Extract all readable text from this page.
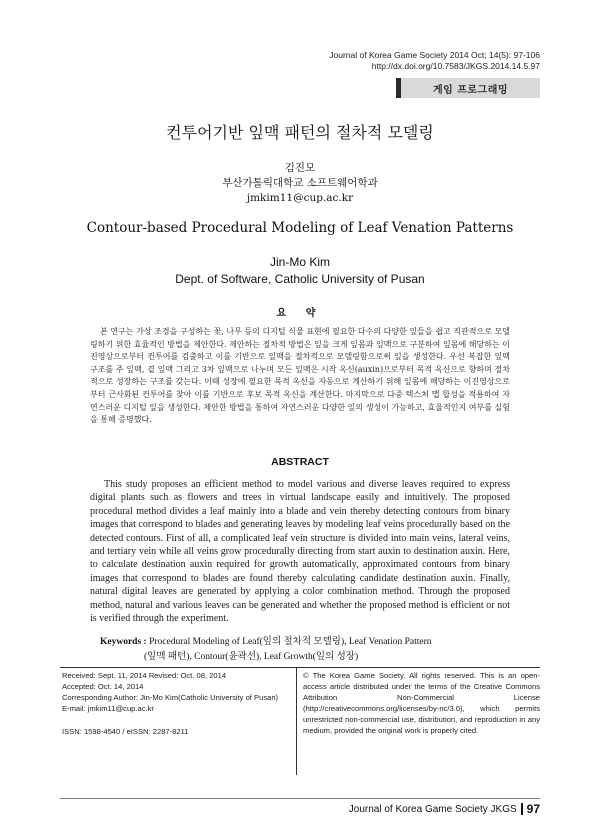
Journal of Korea Game Society 2014 Oct; 14(5): 97-106
http://dx.doi.org/10.7583/JKGS.2014.14.5.97
게임 프로그래밍
컨투어기반 잎맥 패턴의 절차적 모델링
김진모
부산가톨릭대학교 소프트웨어학과
jmkim11@cup.ac.kr
Contour-based Procedural Modeling of Leaf Venation Patterns
Jin-Mo Kim
Dept. of Software, Catholic University of Pusan
요 약

본 연구는 가상 조경을 구성하는 꽃, 나무 등의 디지털 식물 표현에 필요한 다수의 다양한 잎들을 쉽고 직관적으로 모델링하기 위한 효율적인 방법을 제안한다. 제안하는 절차적 방법은 잎을 크게 잎몸과 잎맥으로 구분하여 잎몸에 해당하는 이진영상으로부터 컨투어를 검출하고 이를 기반으로 잎맥을 절차적으로 모델링함으로써 잎을 생성한다. 우선 복잡한 잎맥 구조를 주 잎맥, 곁 잎맥 그리고 3차 잎맥으로 나누며 모든 잎맥은 시작 옥신(auxin)으로부터 목적 옥신으로 향하며 절차적으로 성장하는 구조를 갖는다. 이때 성장에 필요한 목적 옥신을 자동으로 계산하기 위해 잎몸에 해당하는 이진영상으로부터 근사화된 컨투어를 찾아 이를 기반으로 후보 목적 옥신을 계산한다. 마지막으로 다중 텍스쳐 맵 합성을 적용하여 자연스러운 디지털 잎을 생성한다. 제안한 방법을 통하여 자연스러운 다양한 잎의 생성이 가능하고, 효율적인지 여부를 실험을 통해 증명했다.

ABSTRACT

This study proposes an efficient method to model various and diverse leaves required to express digital plants such as flowers and trees in virtual landscape easily and intuitively. The proposed procedural method divides a leaf mainly into a blade and vein thereby detecting contours from binary images that correspond to blades and generating leaves by modeling leaf veins procedurally based on the detected contours. First of all, a complicated leaf vein structure is divided into main veins, lateral veins, and tertiary vein while all veins grow procedurally directing from start auxin to destination auxin. Here, to calculate destination auxin required for growth automatically, approximated contours from binary images that correspond to blades are found thereby calculating candidate destination auxin. Finally, natural digital leaves are generated by applying a color combination method. Through the proposed method, natural and various leaves can be generated and whether the proposed method is efficient or not is verified through the experiment.

Keywords : Procedural Modeling of Leaf(잎의 절차적 모델링), Leaf Venation Pattern
(잎맥 패턴), Contour(윤곽선), Leaf Growth(잎의 성장)
Received: Sept. 11, 2014 Revised: Oct. 08, 2014
Accepted: Oct. 14, 2014
Corresponding Author: Jin-Mo Kim(Catholic University of Pusan)
E-mail: jmkim11@cup.ac.kr
ISSN: 1598-4540 / eISSN: 2287-8211
© The Korea Game Society. All rights reserved. This is an open-access article distributed under the terms of the Creative Commons Attribution Non-Commercial License (http://creativecommons.org/licenses/by-nc/3.0), which permits unrestricted non-commercial use, distribution, and reproduction in any medium, provided the original work is properly cited.
Journal of Korea Game Society JKGS 97
